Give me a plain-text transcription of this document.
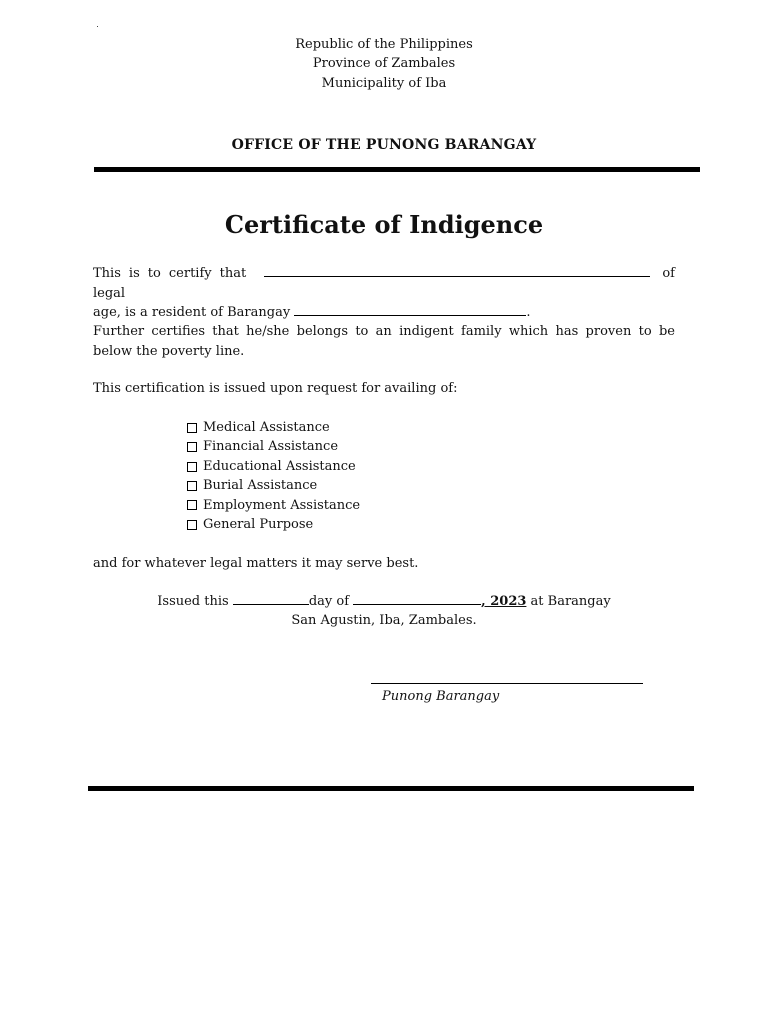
Republic of the Philippines
Province of Zambales
Municipality of Iba
OFFICE OF THE PUNONG BARANGAY
Certificate of Indigence
This is to certify that	of legal
age, is a resident of Barangay	.
Further certifies that he/she belongs to an indigent family which has proven to be below the poverty line.
This certification is issued upon request for availing of:
Medical Assistance
Financial Assistance
Educational Assistance
Burial Assistance
Employment Assistance
General Purpose
and for whatever legal matters it may serve best.
Issued this	day of	, 2023 at Barangay
San Agustin, Iba, Zambales.
Punong Barangay
